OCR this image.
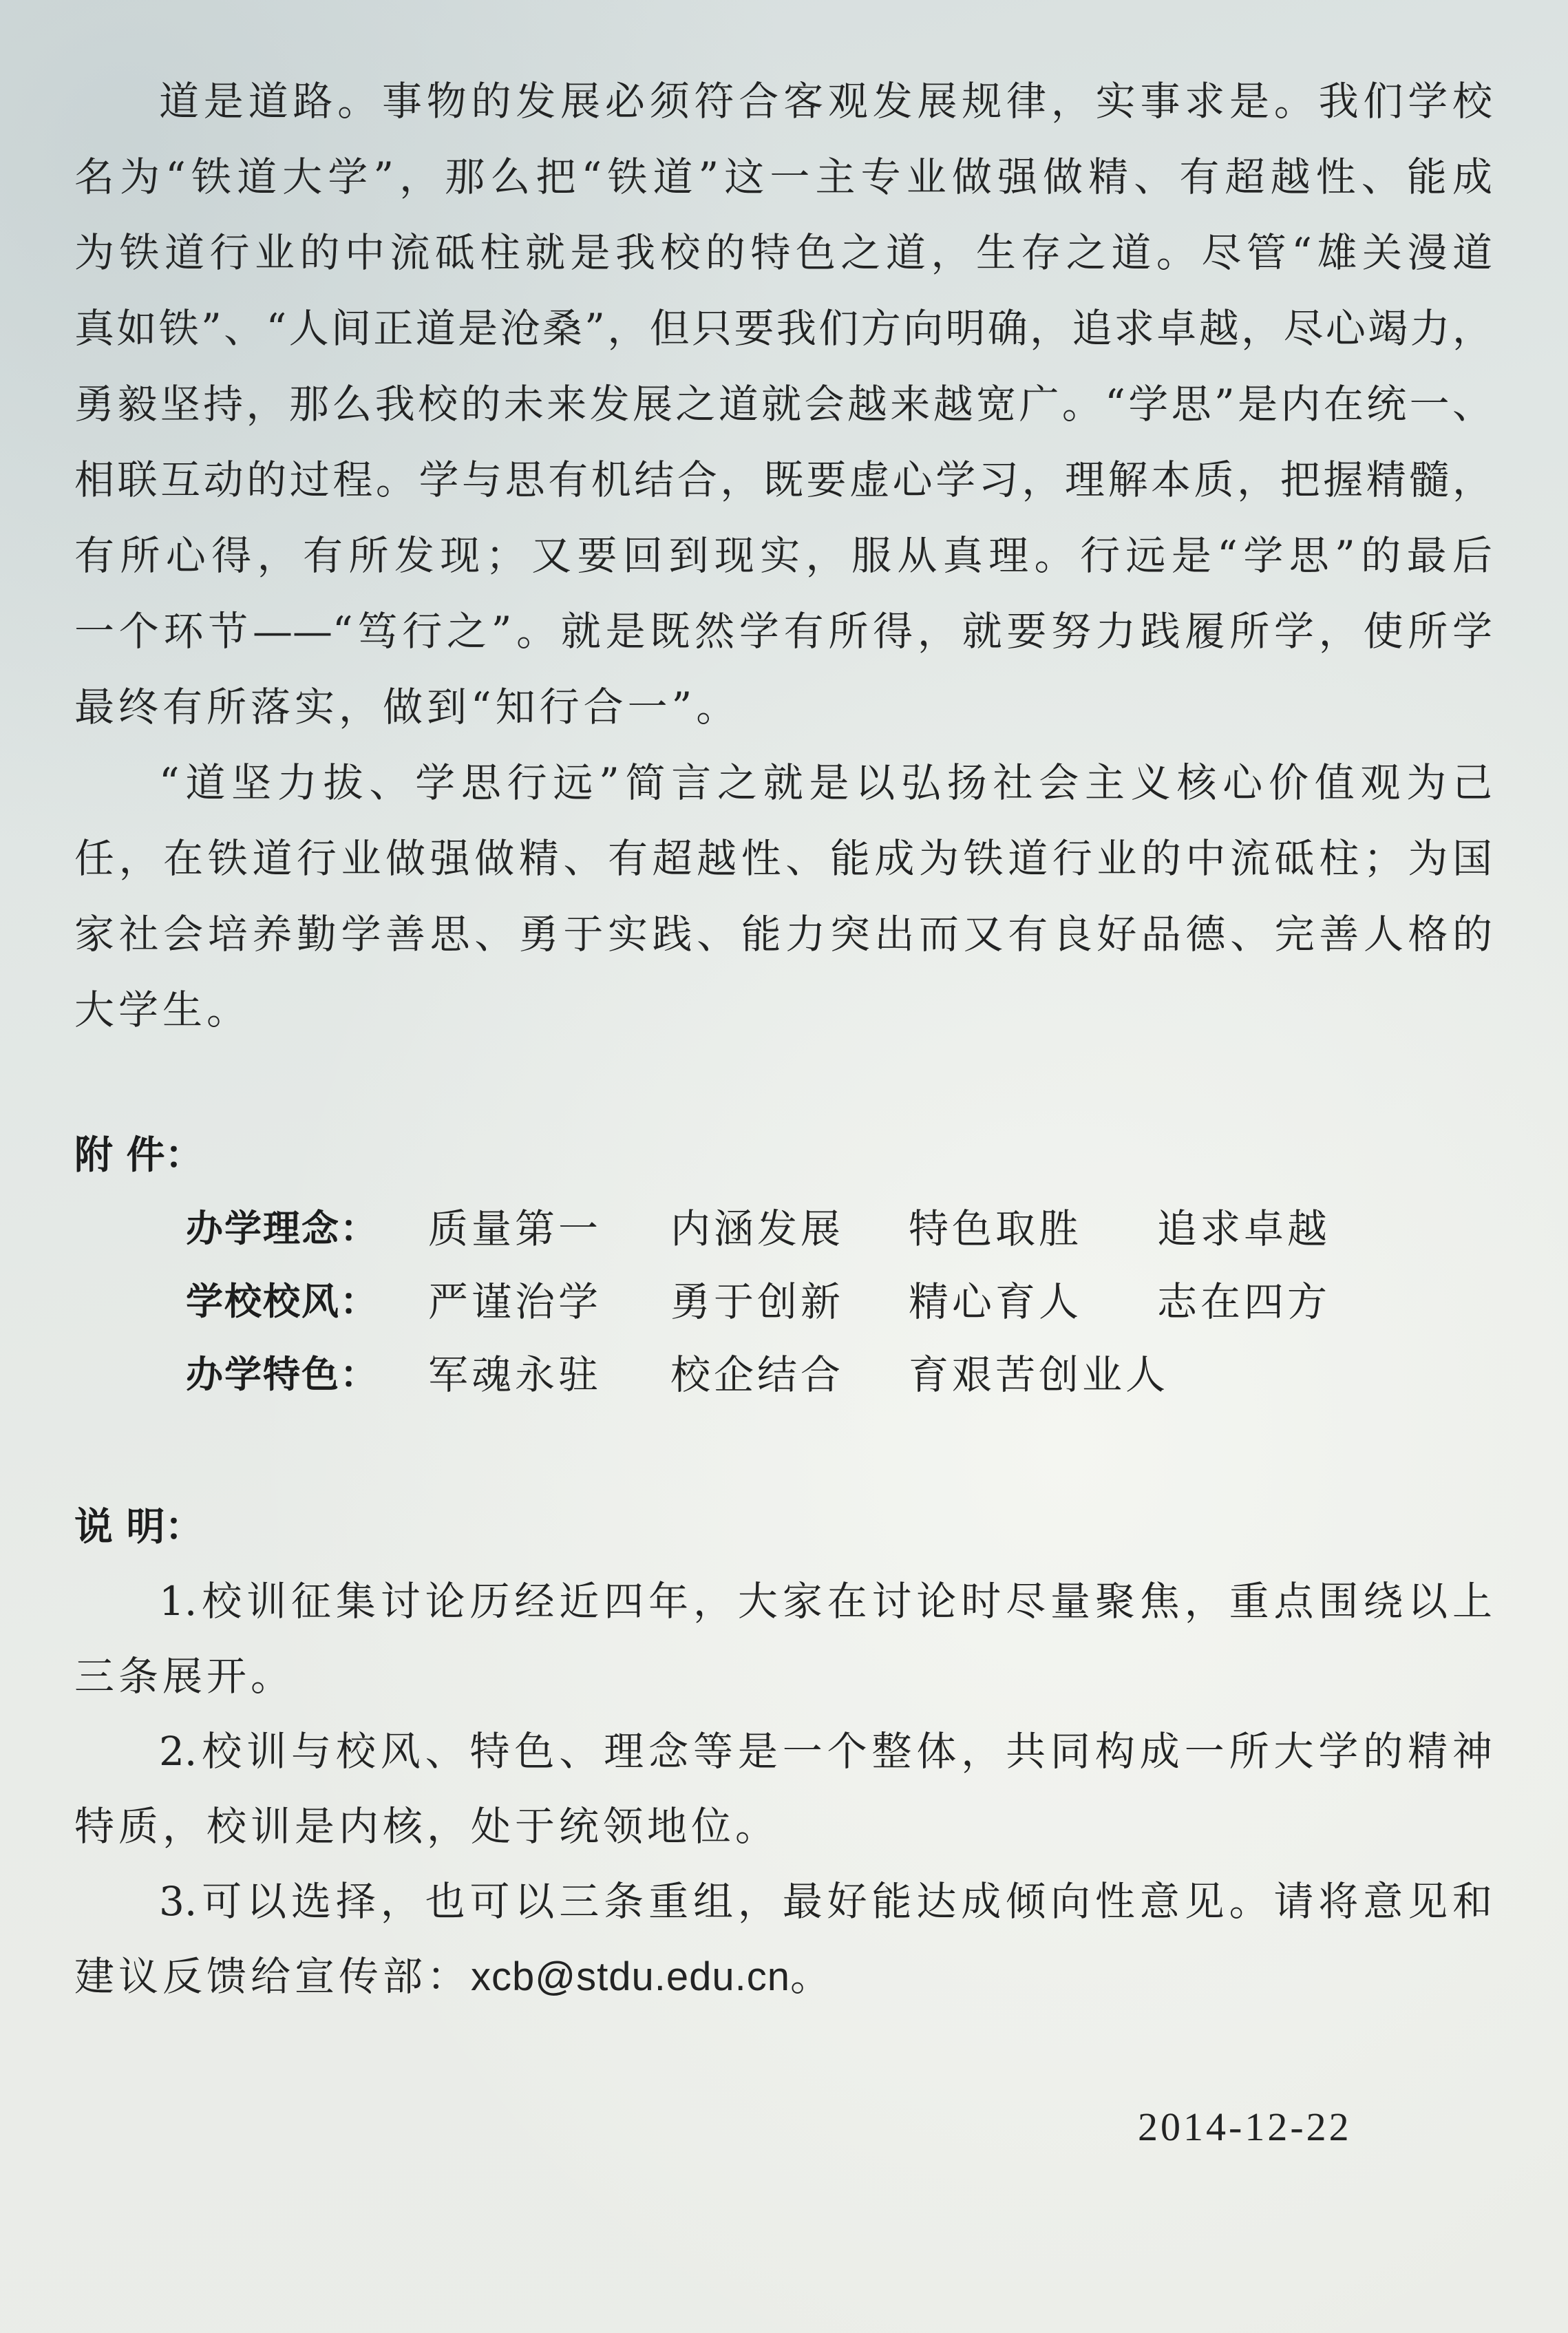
道是道路。事物的发展必须符合客观发展规律，实事求是。我们学校
名为“铁道大学”，那么把“铁道”这一主专业做强做精、有超越性、能成
为铁道行业的中流砥柱就是我校的特色之道，生存之道。尽管“雄关漫道
真如铁”、“人间正道是沧桑”，但只要我们方向明确，追求卓越，尽心竭力，
勇毅坚持，那么我校的未来发展之道就会越来越宽广。“学思”是内在统一、
相联互动的过程。学与思有机结合，既要虚心学习，理解本质，把握精髓，
有所心得，有所发现；又要回到现实，服从真理。行远是“学思”的最后
一个环节——“笃行之”。就是既然学有所得，就要努力践履所学，使所学
最终有所落实，做到“知行合一”。
“道坚力拔、学思行远”简言之就是以弘扬社会主义核心价值观为己
任，在铁道行业做强做精、有超越性、能成为铁道行业的中流砥柱；为国
家社会培养勤学善思、勇于实践、能力突出而又有良好品德、完善人格的
大学生。
附 件：
办学理念： 质量第一 内涵发展 特色取胜 追求卓越
学校校风： 严谨治学 勇于创新 精心育人 志在四方
办学特色： 军魂永驻 校企结合 育艰苦创业人
说 明：
1.校训征集讨论历经近四年，大家在讨论时尽量聚焦，重点围绕以上
三条展开。
2.校训与校风、特色、理念等是一个整体，共同构成一所大学的精神
特质，校训是内核，处于统领地位。
3.可以选择，也可以三条重组，最好能达成倾向性意见。请将意见和
建议反馈给宣传部：xcb@stdu.edu.cn。
2014-12-22
